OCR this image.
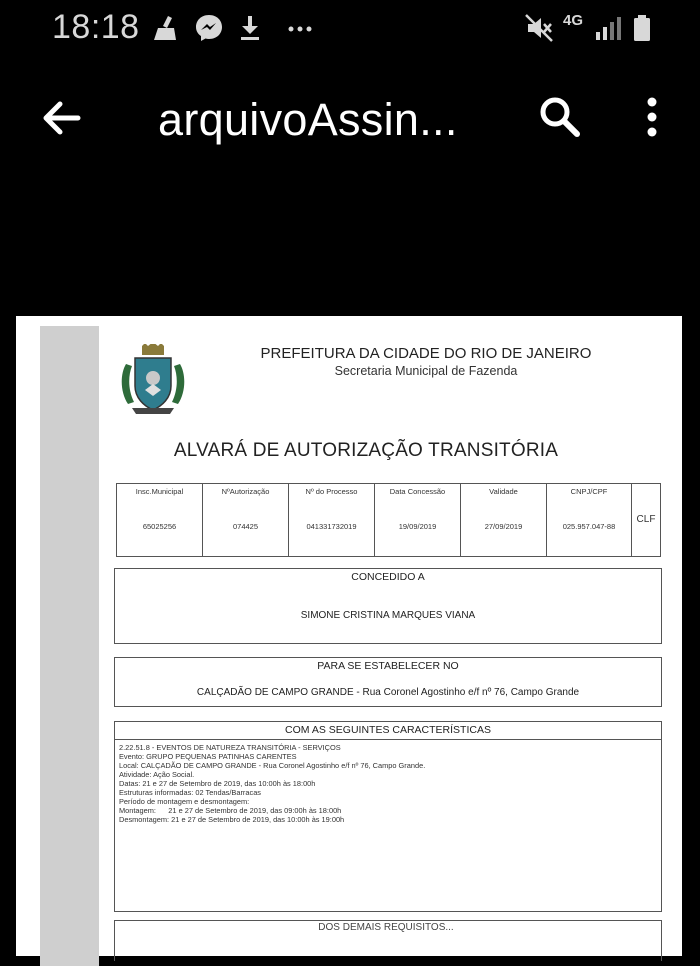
18:18	4G
arquivoAssin...
PREFEITURA DA CIDADE DO RIO DE JANEIRO
Secretaria Municipal de Fazenda
ALVARÁ DE AUTORIZAÇÃO TRANSITÓRIA
Insc.Municipal
65025256
NºAutorização
074425
Nº do Processo
041331732019
Data Concessão
19/09/2019
Validade
27/09/2019
CNPJ/CPF
025.957.047-88
CLF
CONCEDIDO A
SIMONE CRISTINA MARQUES VIANA
PARA SE ESTABELECER NO
CALÇADÃO DE CAMPO GRANDE - Rua Coronel Agostinho e/f nº 76, Campo Grande
COM AS SEGUINTES CARACTERÍSTICAS
2.22.51.8 - EVENTOS DE NATUREZA TRANSITÓRIA - SERVIÇOS
Evento: GRUPO PEQUENAS PATINHAS CARENTES
Local: CALÇADÃO DE CAMPO GRANDE - Rua Coronel Agostinho e/f nº 76, Campo Grande.
Atividade: Ação Social.
Datas: 21 e 27 de Setembro de 2019, das 10:00h às 18:00h
Estruturas informadas: 02 Tendas/Barracas
Período de montagem e desmontagem:
Montagem:      21 e 27 de Setembro de 2019, das 09:00h às 18:00h
Desmontagem: 21 e 27 de Setembro de 2019, das 10:00h às 19:00h
DOS DEMAIS REQUISITOS...
